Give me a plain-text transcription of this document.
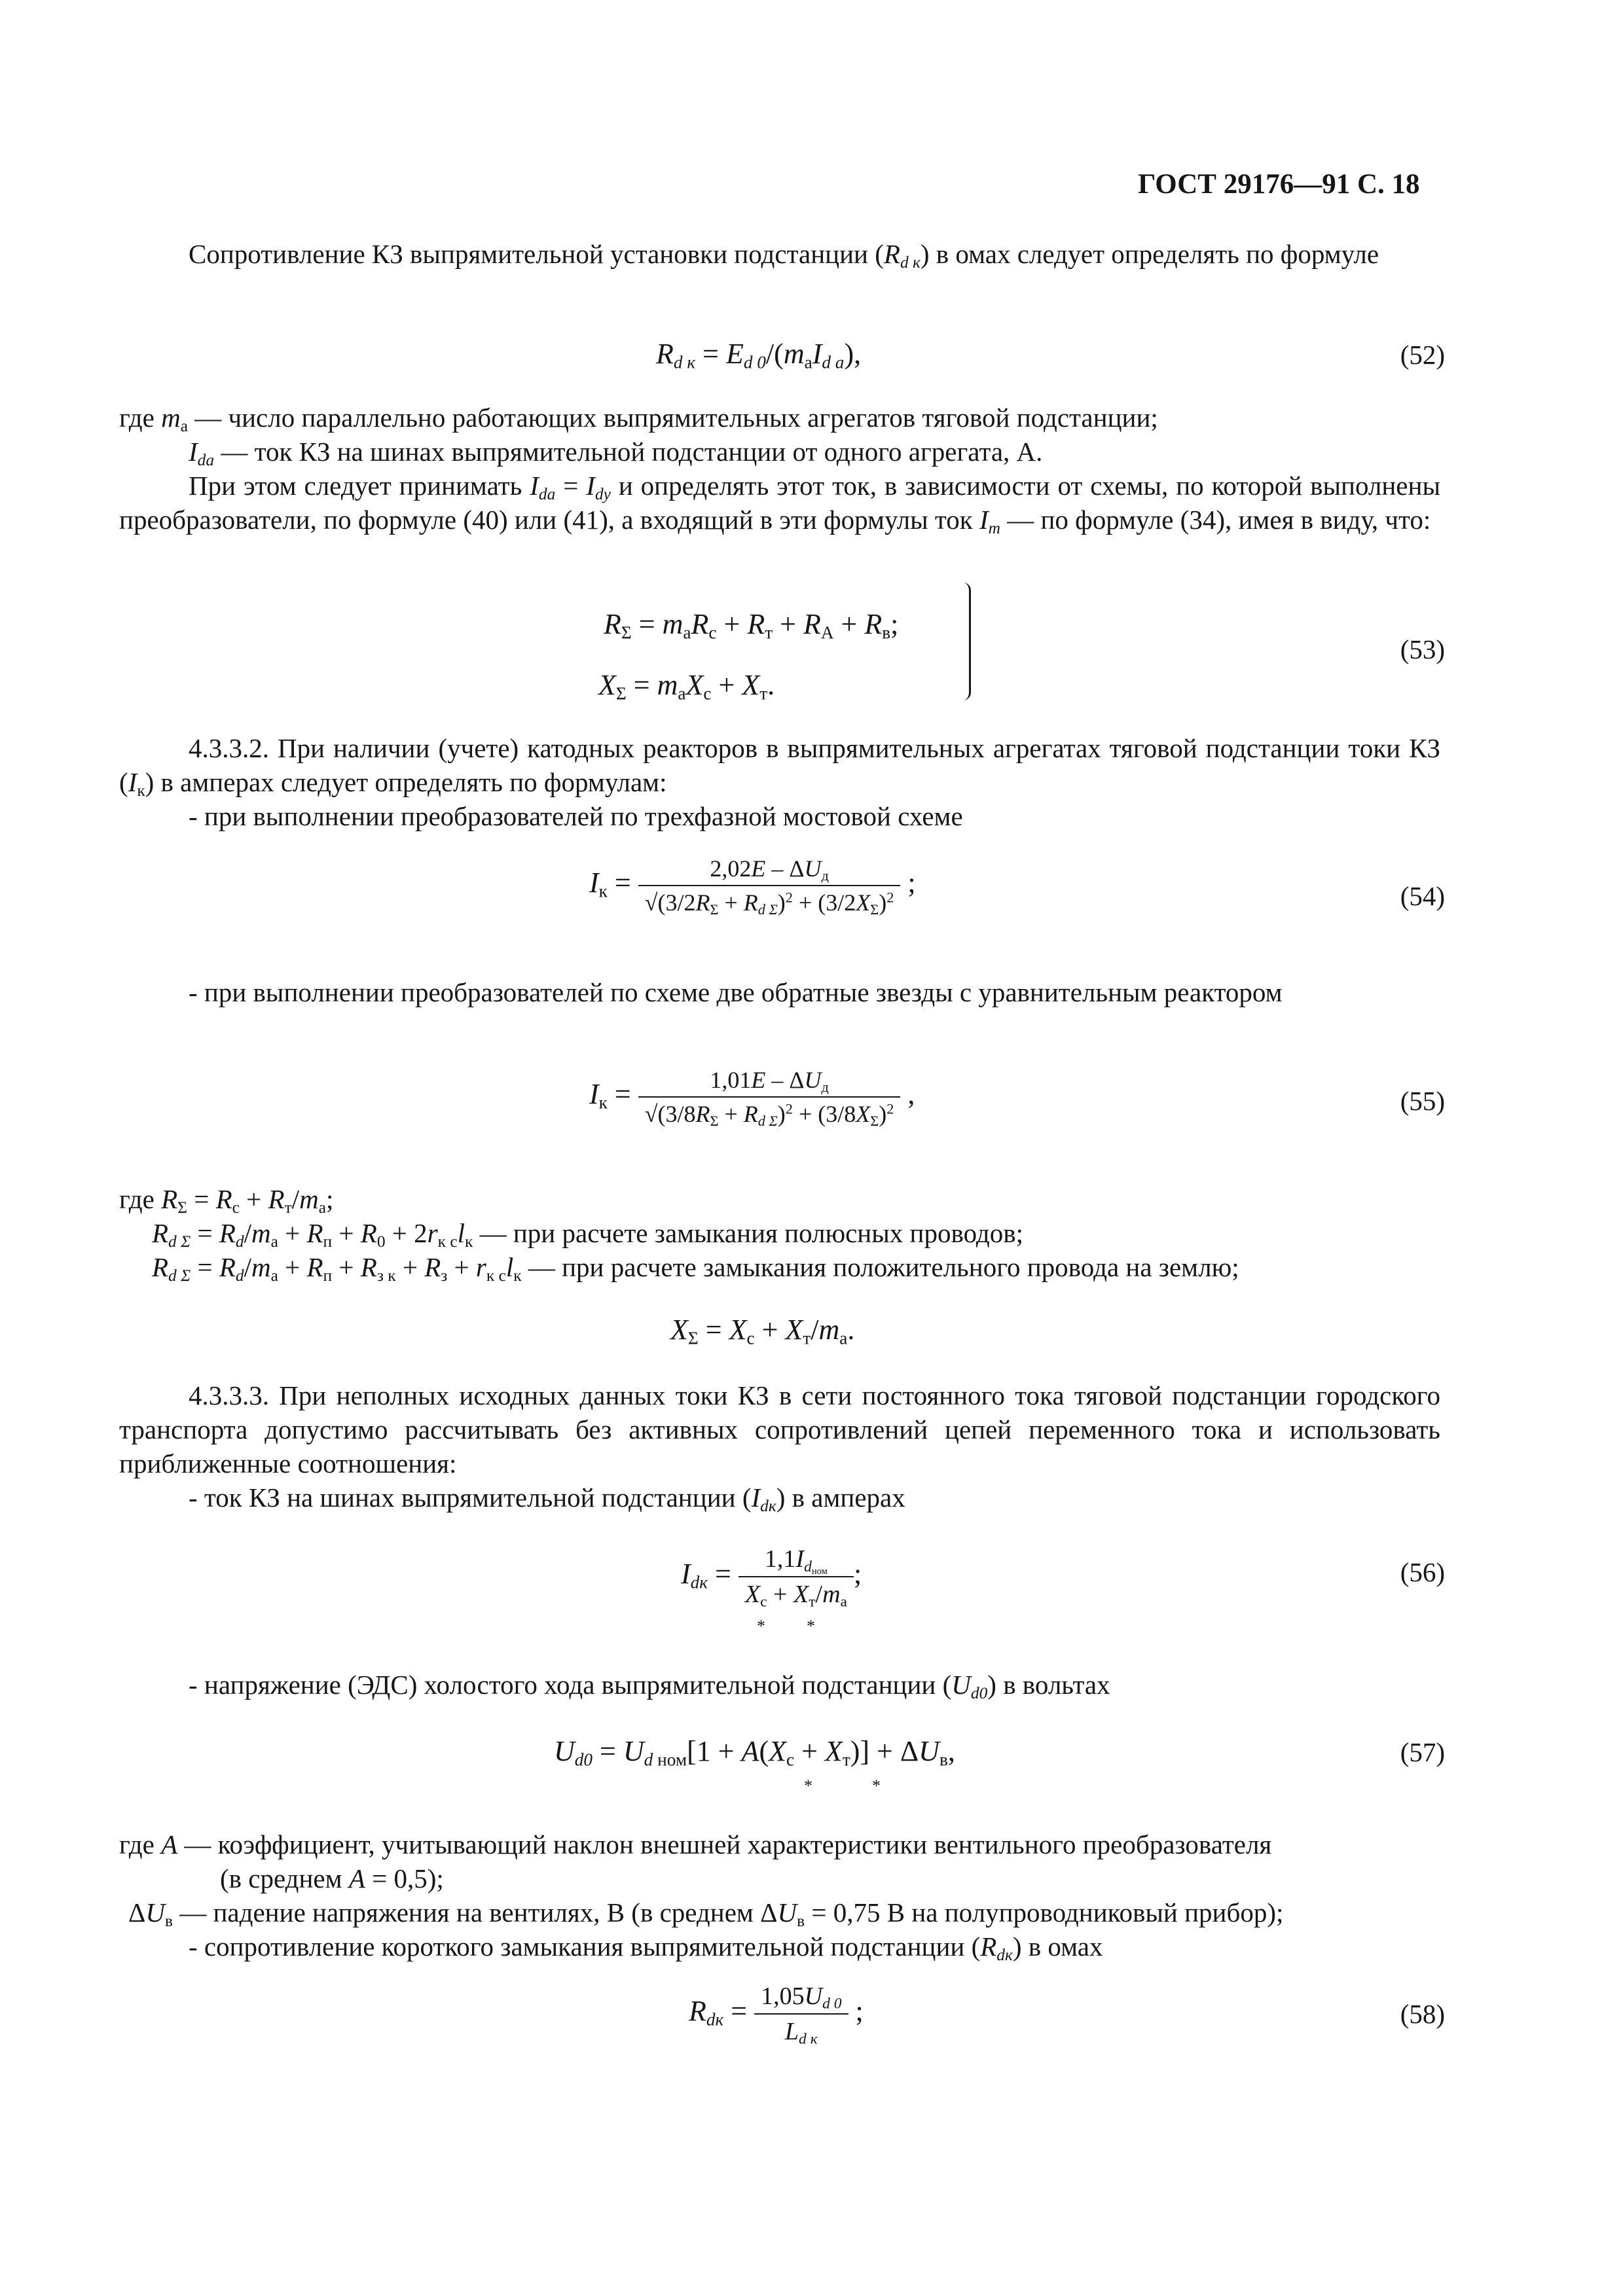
ГОСТ 29176—91 С. 18
Сопротивление КЗ выпрямительной установки подстанции $(R_{d к})$ в омах следует определять по формуле
$R_{d к} = E_{d 0}/(m_аI_{d а})$,	(52)
где $m_а$ — число параллельно работающих выпрямительных агрегатов тяговой подстанции;
$I_{da}$ — ток КЗ на шинах выпрямительной подстанции от одного агрегата, А.
При этом следует принимать $I_{da} = I_{dy}$ и определять этот ток, в зависимости от схемы, по которой выполнены преобразователи, по формуле (40) или (41), а входящий в эти формулы ток $I_m$ — по формуле (34), имея в виду, что:
$R_\Sigma = m_аR_с + R_т + R_А + R_в$;
$X_\Sigma = m_аX_с + X_т$.
(53)
4.3.3.2. При наличии (учете) катодных реакторов в выпрямительных агрегатах тяговой подстанции токи КЗ $(I_к)$ в амперах следует определять по формулам:
- при выполнении преобразователей по трехфазной мостовой схеме
$I_к = \frac{2,02E - \Delta U_д}{√(3/2R_\Sigma + R_{d \Sigma})^2 + (3/2X_\Sigma)^2}$ ;	(54)
- при выполнении преобразователей по схеме две обратные звезды с уравнительным реактором
$I_к = \frac{1,01E - \Delta U_д}{√(3/8R_\Sigma + R_{d \Sigma})^2 + (3/8X_\Sigma)^2}$ ,	(55)
где $R_\Sigma = R_с + R_т/m_а$;
$R_{d \Sigma} = R_d/m_а + R_п + R_0 + 2r_{к с}l_к$ — при расчете замыкания полюсных проводов;
$R_{d \Sigma} = R_d/m_а + R_п + R_{з к} + R_з + r_{к с}l_к$ — при расчете замыкания положительного провода на землю;
$X_\Sigma = X_с + X_т/m_а$.
4.3.3.3. При неполных исходных данных токи КЗ в сети постоянного тока тяговой подстанции городского транспорта допустимо рассчитывать без активных сопротивлений цепей переменного тока и использовать приближенные соотношения:
- ток КЗ на шинах выпрямительной подстанции $(I_{dк})$ в амперах
$I_{dк} = \frac{1,1I_{d_{ном}}}{X_с + X_т/m_а}$ ;
* *
(56)
- напряжение (ЭДС) холостого хода выпрямительной подстанции $(U_{d0})$ в вольтах
$U_{d0} = U_{d ном}[1 + A(X_с + X_т)] + \Delta U_в$,
*	*
(57)
где A — коэффициент, учитывающий наклон внешней характеристики вентильного преобразователя
(в среднем A = 0,5);
$\Delta U_в$ — падение напряжения на вентилях, В (в среднем $\Delta U_в = 0,75$ В на полупроводниковый прибор);
- сопротивление короткого замыкания выпрямительной подстанции $(R_{dк})$ в омах
$R_{dк} = \frac{1,05U_{d 0}}{L_{d к}}$ ;	(58)
